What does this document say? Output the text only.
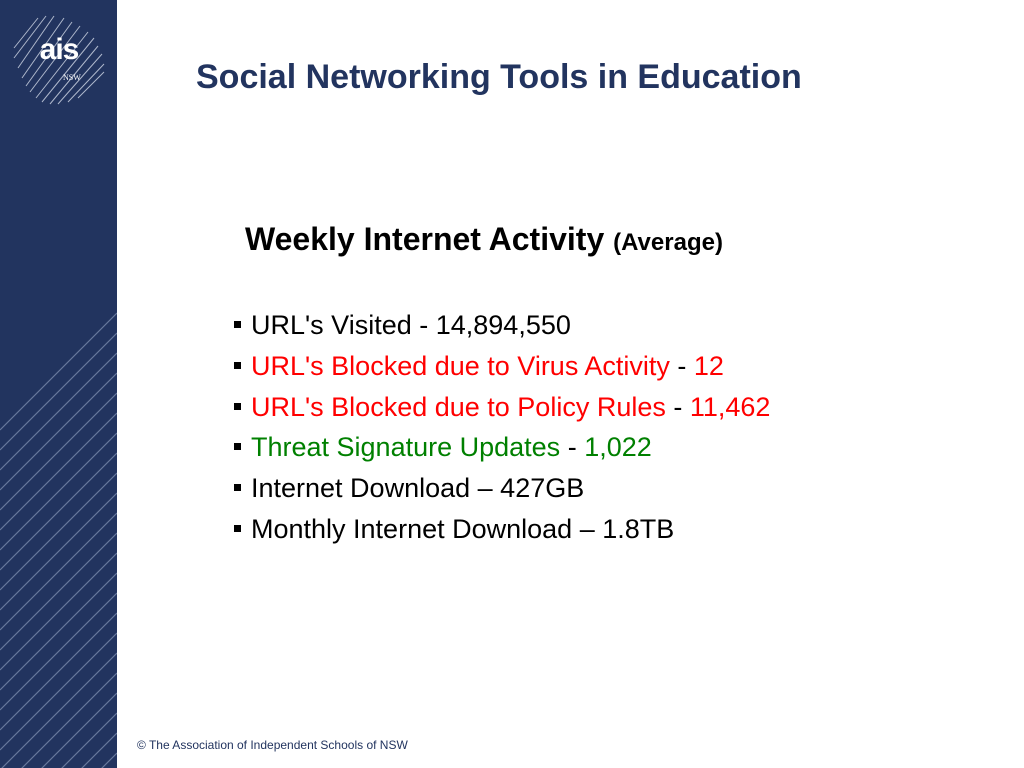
ais
NSW	Social Networking Tools in Education
Weekly Internet Activity (Average)
URL's Visited - 14,894,550
URL's Blocked due to Virus Activity - 12
URL's Blocked due to Policy Rules - 11,462
Threat Signature Updates - 1,022
Internet Download – 427GB
Monthly Internet Download – 1.8TB
© The Association of Independent Schools of NSW
